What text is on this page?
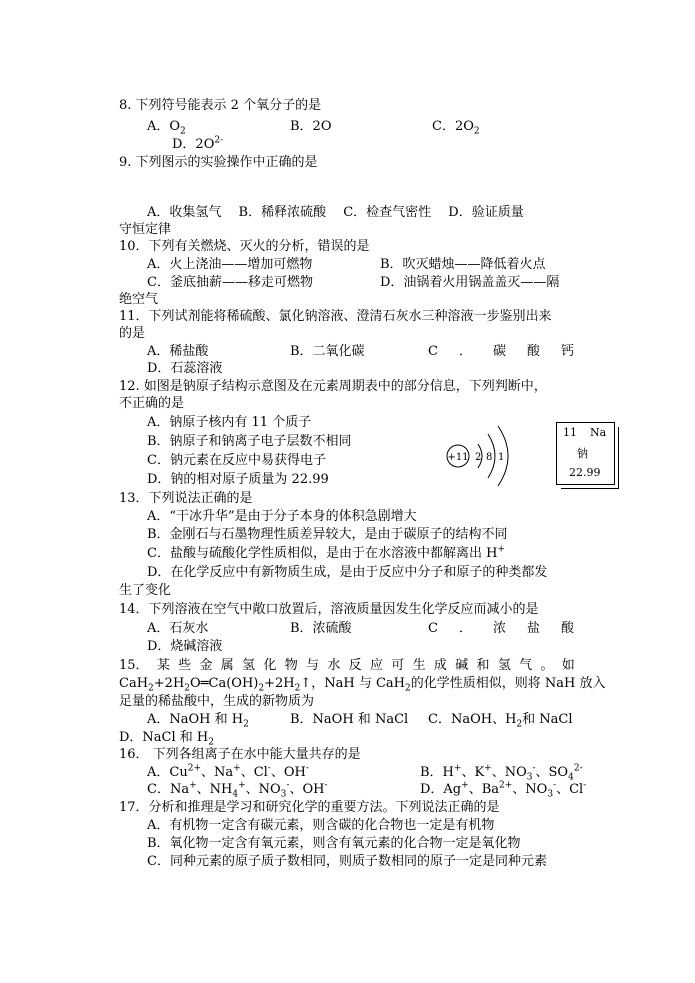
8. 下列符号能表示 2 个氧分子的是
A．$O_2$	B．2O	C．$2O_2$
D．$2O^{2-}$
9. 下列图示的实验操作中正确的是
A．收集氢气　 B．稀释浓硫酸　 C．检查气密性　 D．验证质量
守恒定律
10．下列有关燃烧、灭火的分析，错误的是
A．火上浇油——增加可燃物	B．吹灭蜡烛——降低着火点
C．釜底抽薪——移走可燃物	D．油锅着火用锅盖盖灭——隔
绝空气
11．下列试剂能将稀硫酸、氯化钠溶液、澄清石灰水三种溶液一步鉴别出来
的是
A．稀盐酸	B．二氧化碳	C ． 碳 酸 钙
D．石蕊溶液
12. 如图是钠原子结构示意图及在元素周期表中的部分信息，下列判断中，
不正确的是
A．钠原子核内有 11 个质子
B．钠原子和钠离子电子层数不相同
C．钠元素在反应中易获得电子
D．钠的相对原子质量为 22.99
+11 2 8 1
11 Na
钠
22.99
13．下列说法正确的是
A．“干冰升华”是由于分子本身的体积急剧增大
B．金刚石与石墨物理性质差异较大，是由于碳原子的结构不同
C．盐酸与硫酸化学性质相似，是由于在水溶液中都解离出 H+
D．在化学反应中有新物质生成，是由于反应中分子和原子的种类都发
生了变化
14．下列溶液在空气中敞口放置后，溶液质量因发生化学反应而减小的是
A．石灰水	B．浓硫酸	C ． 浓 盐 酸
D．烧碱溶液
15． 某 些 金 属 氢 化 物 与 水 反 应 可 生 成 碱 和 氢 气 。 如
$CaH_2+2H_2O═Ca(OH)_2+2H_2↑$，NaH 与 CaH$_2$的化学性质相似，则将 NaH 放入
足量的稀盐酸中，生成的新物质为
A．NaOH 和 $H_2$	B．NaOH 和 NaCl C．NaOH、$H_2$和 NaCl
D．NaCl 和 $H_2$
16． 下列各组离子在水中能大量共存的是
A．$Cu^{2+}$、Na+、Cl-、OH-	B．H+、K+、$NO_3^-$、$SO_4^{2-}$
C．Na+、$NH_4^+$、$NO_3^-$、OH-	D．Ag+、$Ba^{2+}$、$NO_3^-$、Cl-
17．分析和推理是学习和研究化学的重要方法。下列说法正确的是
A．有机物一定含有碳元素，则含碳的化合物也一定是有机物
B．氧化物一定含有氧元素，则含有氧元素的化合物一定是氧化物
C．同种元素的原子质子数相同，则质子数相同的原子一定是同种元素
